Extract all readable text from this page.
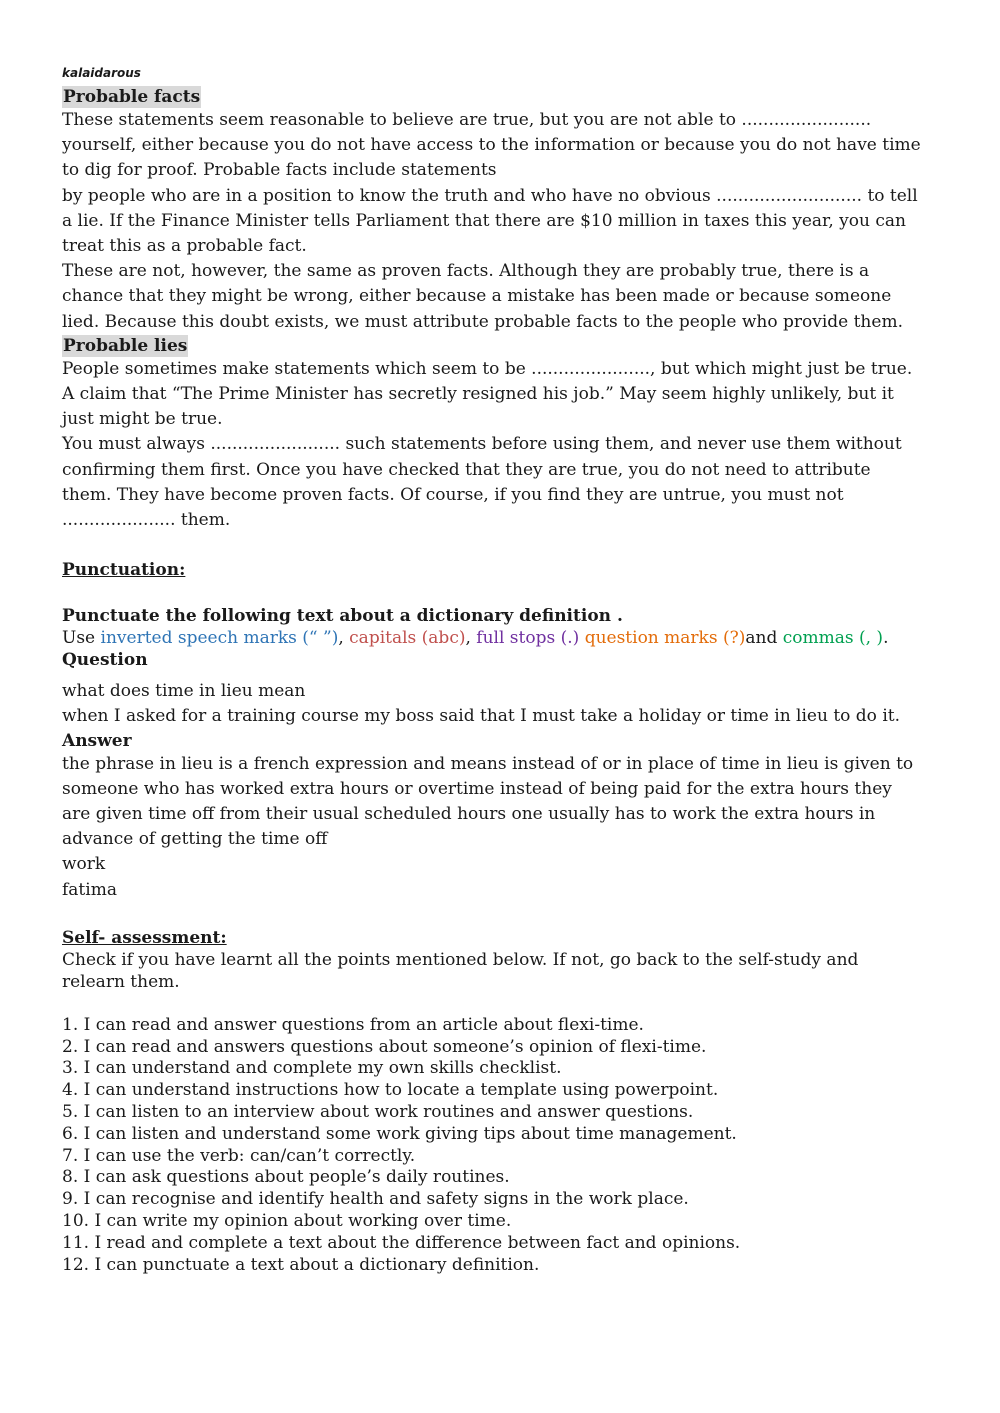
kalaidarous
Probable facts

These statements seem reasonable to believe are true, but you are not able to ........................ yourself, either because you do not have access to the information or because you do not have time to dig for proof. Probable facts include statements

by people who are in a position to know the truth and who have no obvious ........................... to tell a lie. If the Finance Minister tells Parliament that there are $10 million in taxes this year, you can treat this as a probable fact.

These are not, however, the same as proven facts. Although they are probably true, there is a chance that they might be wrong, either because a mistake has been made or because someone lied. Because this doubt exists, we must attribute probable facts to the people who provide them.

Probable lies

People sometimes make statements which seem to be ......................, but which might just be true. A claim that “The Prime Minister has secretly resigned his job.” May seem highly unlikely, but it just might be true.

You must always ........................ such statements before using them, and never use them without confirming them first. Once you have checked that they are true, you do not need to attribute them. They have become proven facts. Of course, if you find they are untrue, you must not ..................... them.

Punctuation:
Punctuate the following text about a dictionary definition .
Use inverted speech marks (“ ”), capitals (abc), full stops (.) question marks (?)and commas (, ).
Question

what does time in lieu mean

when I asked for a training course my boss said that I must take a holiday or time in lieu to do it.

Answer

the phrase in lieu is a french expression and means instead of or in place of time in lieu is given to someone who has worked extra hours or overtime instead of being paid for the extra hours they are given time off from their usual scheduled hours one usually has to work the extra hours in advance of getting the time off

work

fatima

Self- assessment:
Check if you have learnt all the points mentioned below. If not, go back to the self-study and relearn them.
1. I can read and answer questions from an article about flexi-time.
2. I can read and answers questions about someone’s opinion of flexi-time.
3. I can understand and complete my own skills checklist.
4. I can understand instructions how to locate a template using powerpoint.
5. I can listen to an interview about work routines and answer questions.
6. I can listen and understand some work giving tips about time management.
7. I can use the verb: can/can’t correctly.
8. I can ask questions about people’s daily routines.
9. I can recognise and identify health and safety signs in the work place.
10. I can write my opinion about working over time.
11. I read and complete a text about the difference between fact and opinions.
12. I can punctuate a text about a dictionary definition.
